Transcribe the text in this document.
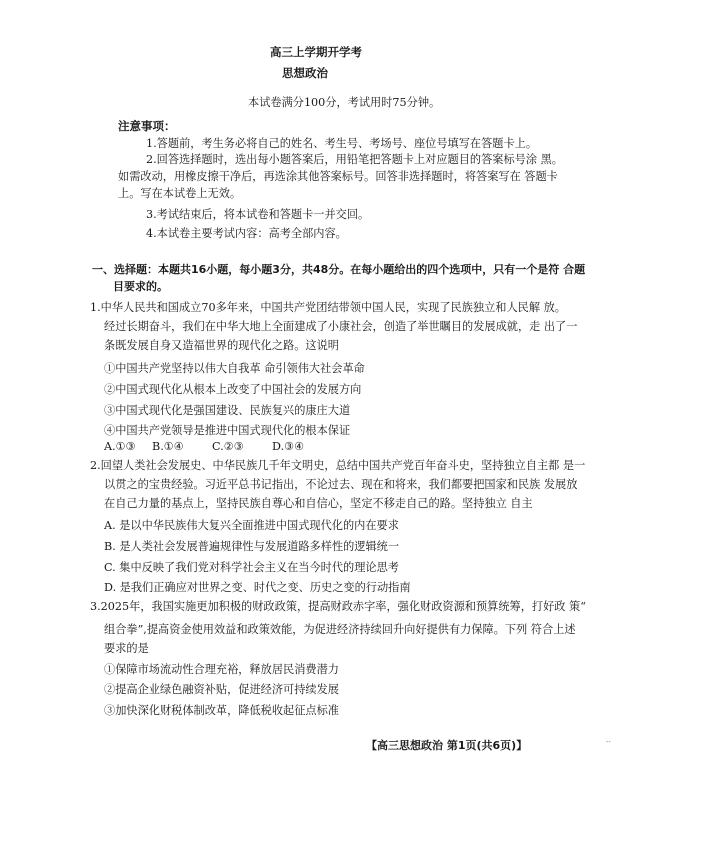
高三上学期开学考
思想政治
本试卷满分100分，考试用时75分钟。
注意事项：
1.答题前，考生务必将自己的姓名、考生号、考场号、座位号填写在答题卡上。
2.回答选择题时，选出每小题答案后，用铅笔把答题卡上对应题目的答案标号涂 黑。
如需改动，用橡皮擦干净后，再选涂其他答案标号。回答非选择题时，将答案写在 答题卡
上。写在本试卷上无效。
3.考试结束后，将本试卷和答题卡一并交回。
4.本试卷主要考试内容：高考全部内容。
一、选择题：本题共16小题，每小题3分，共48分。在每小题给出的四个选项中，只有一个是符 合题
目要求的。
1.中华人民共和国成立70多年来，中国共产党团结带领中国人民，实现了民族独立和人民解 放。
经过长期奋斗，我们在中华大地上全面建成了小康社会，创造了举世瞩目的发展成就，走 出了一
条既发展自身又造福世界的现代化之路。这说明
①中国共产党坚持以伟大自我革 命引领伟大社会革命
②中国式现代化从根本上改变了中国社会的发展方向
③中国式现代化是强国建设、民族复兴的康庄大道
④中国共产党领导是推进中国式现代化的根本保证
A.①③ B.①④	C.②③	D.③④
2.回望人类社会发展史、中华民族几千年文明史，总结中国共产党百年奋斗史，坚持独立自主都 是一
以贯之的宝贵经验。习近平总书记指出，不论过去、现在和将来，我们都要把国家和民族 发展放
在自己力量的基点上，坚持民族自尊心和自信心，坚定不移走自己的路。坚持独立 自主
A. 是以中华民族伟大复兴全面推进中国式现代化的内在要求
B. 是人类社会发展普遍规律性与发展道路多样性的逻辑统一
C. 集中反映了我们党对科学社会主义在当今时代的理论思考
D. 是我们正确应对世界之变、时代之变、历史之变的行动指南
3.2025年，我国实施更加积极的财政政策，提高财政赤字率，强化财政资源和预算统筹，打好政 策“
组合拳”,提高资金使用效益和政策效能，为促进经济持续回升向好提供有力保障。下列 符合上述
要求的是
①保障市场流动性合理充裕，释放居民消费潜力
②提高企业绿色融资补贴，促进经济可持续发展
③加快深化财税体制改革，降低税收起征点标准
【高三思想政治 第1页(共6页)】	--
